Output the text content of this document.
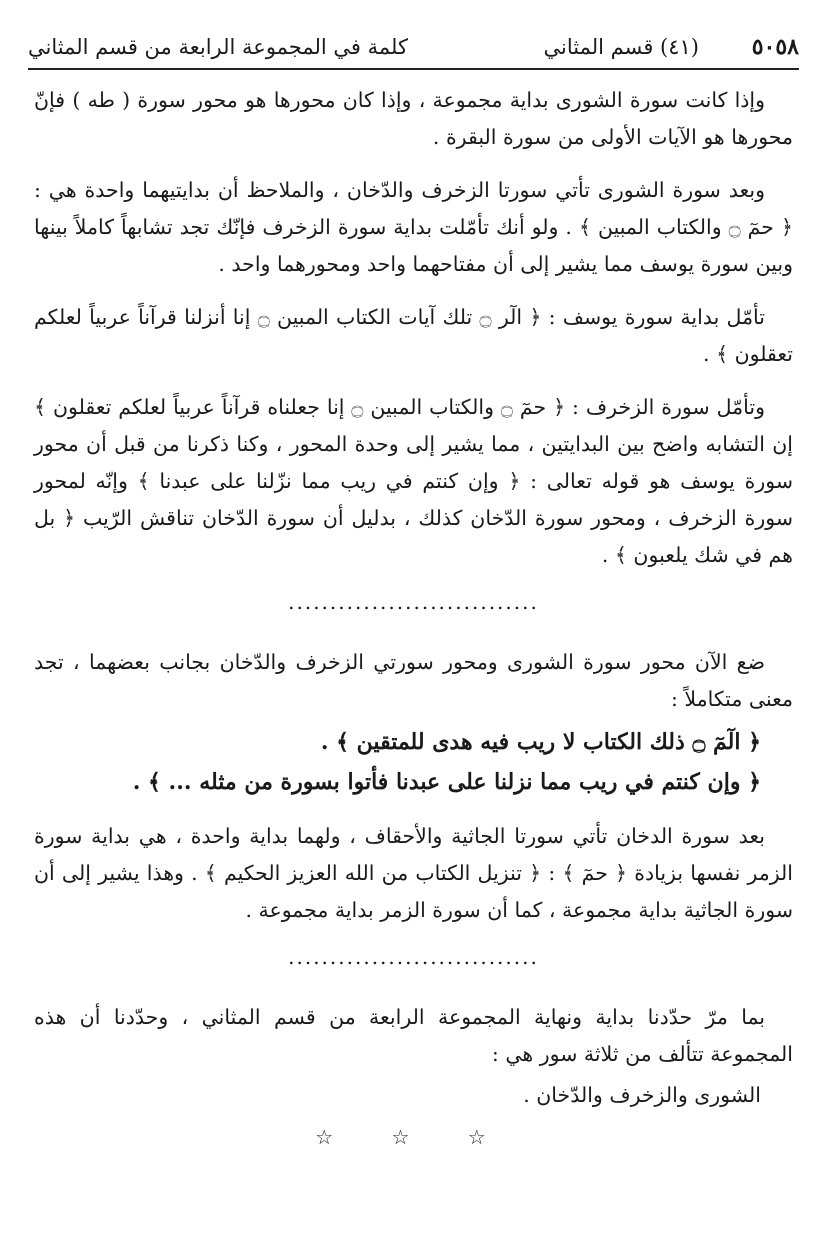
٥٠٥٨
(٤١) قسم المثاني
كلمة في المجموعة الرابعة من قسم المثاني

وإذا كانت سورة الشورى بداية مجموعة ، وإذا كان محورها هو محور سورة ( طه ) فإنّ محورها هو الآيات الأولى من سورة البقرة .

وبعد سورة الشورى تأتي سورتا الزخرف والدّخان ، والملاحظ أن بدايتيهما واحدة هي : ﴿ حمٓ ۝ والكتاب المبين ﴾ . ولو أنك تأمّلت بداية سورة الزخرف فإنّك تجد تشابهاً كاملاً بينها وبين سورة يوسف مما يشير إلى أن مفتاحهما واحد ومحورهما واحد .

تأمّل بداية سورة يوسف : ﴿ الٓر ۝ تلك آيات الكتاب المبين ۝ إنا أنزلنا قرآناً عربياً لعلكم تعقلون ﴾ .

وتأمّل سورة الزخرف : ﴿ حمٓ ۝ والكتاب المبين ۝ إنا جعلناه قرآناً عربياً لعلكم تعقلون ﴾ إن التشابه واضح بين البدايتين ، مما يشير إلى وحدة المحور ، وكنا ذكرنا من قبل أن محور سورة يوسف هو قوله تعالى : ﴿ وإن كنتم في ريب مما نزّلنا على عبدنا ﴾ وإنّه لمحور سورة الزخرف ، ومحور سورة الدّخان كذلك ، بدليل أن سورة الدّخان تناقش الرّيب ﴿ بل هم في شك يلعبون ﴾ .

..............................

ضع الآن محور سورة الشورى ومحور سورتي الزخرف والدّخان بجانب بعضهما ، تجد معنى متكاملاً :

﴿ الٓمٓ ۝ ذلك الكتاب لا ريب فيه هدى للمتقين ﴾ .
﴿ وإن كنتم في ريب مما نزلنا على عبدنا فأتوا بسورة من مثله ... ﴾ .

بعد سورة الدخان تأتي سورتا الجاثية والأحقاف ، ولهما بداية واحدة ، هي بداية سورة الزمر نفسها بزيادة ﴿ حمٓ ﴾ : ﴿ تنزيل الكتاب من الله العزيز الحكيم ﴾ . وهذا يشير إلى أن سورة الجاثية بداية مجموعة ، كما أن سورة الزمر بداية مجموعة .

..............................

بما مرّ حدّدنا بداية ونهاية المجموعة الرابعة من قسم المثاني ، وحدّدنا أن هذه المجموعة تتألف من ثلاثة سور هي :

الشورى والزخرف والدّخان .
☆ ☆ ☆
